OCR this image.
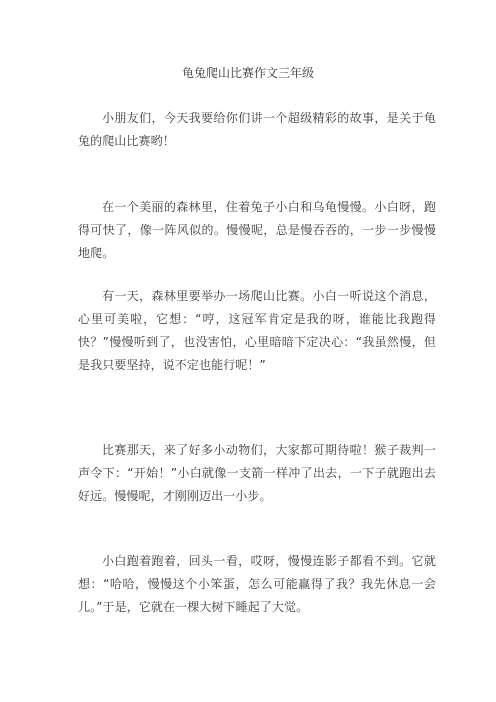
龟兔爬山比赛作文三年级

小朋友们，今天我要给你们讲一个超级精彩的故事，是关于龟兔的爬山比赛哟！

在一个美丽的森林里，住着兔子小白和乌龟慢慢。小白呀，跑得可快了，像一阵风似的。慢慢呢，总是慢吞吞的，一步一步慢慢地爬。

有一天，森林里要举办一场爬山比赛。小白一听说这个消息，心里可美啦，它想：“哼，这冠军肯定是我的呀，谁能比我跑得快？”慢慢听到了，也没害怕，心里暗暗下定决心：“我虽然慢，但是我只要坚持，说不定也能行呢！”

比赛那天，来了好多小动物们，大家都可期待啦！猴子裁判一声令下：“开始！”小白就像一支箭一样冲了出去，一下子就跑出去好远。慢慢呢，才刚刚迈出一小步。

小白跑着跑着，回头一看，哎呀，慢慢连影子都看不到。它就想：“哈哈，慢慢这个小笨蛋，怎么可能赢得了我？我先休息一会儿。”于是，它就在一棵大树下睡起了大觉。
